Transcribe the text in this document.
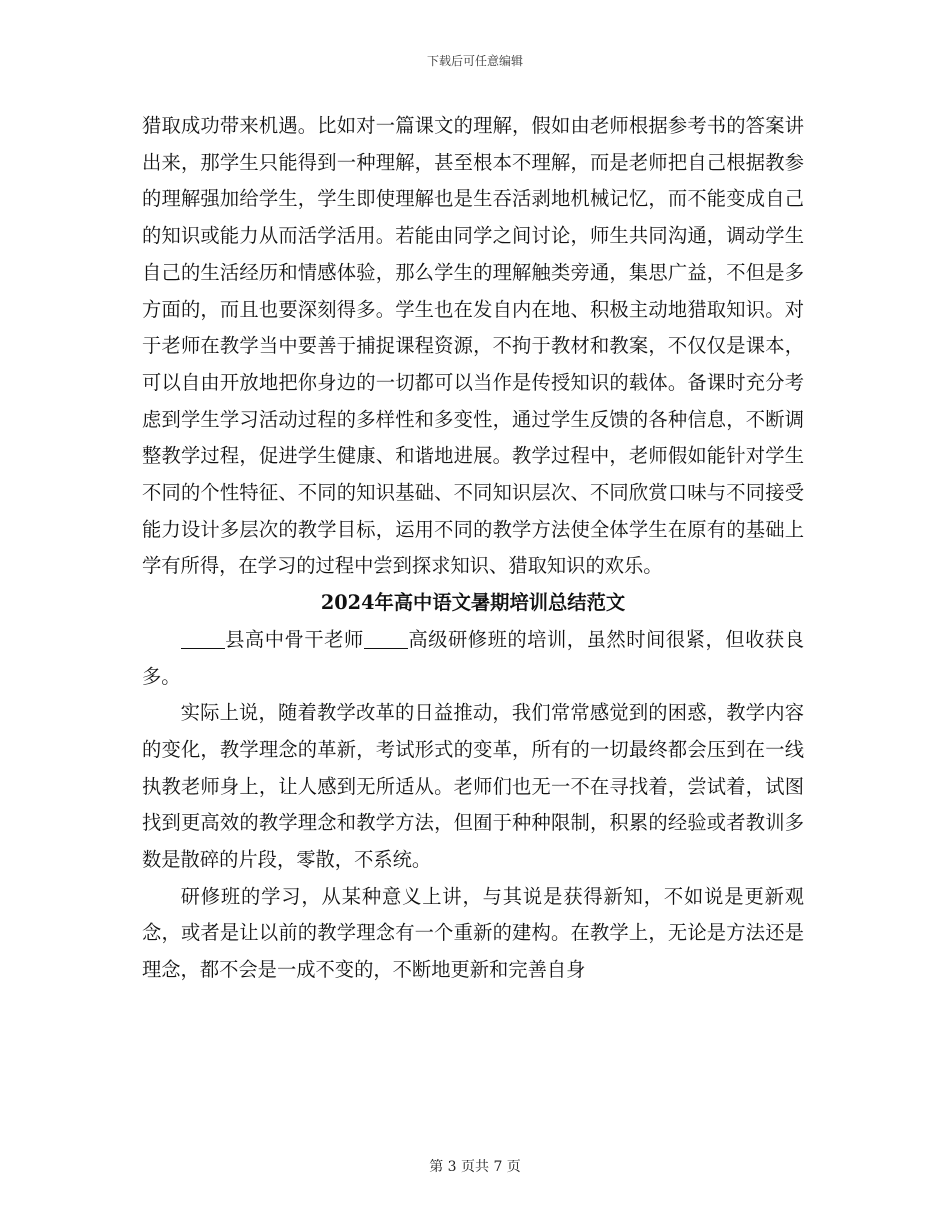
下载后可任意编辑

猎取成功带来机遇。比如对一篇课文的理解，假如由老师根据参考书的答案讲出来，那学生只能得到一种理解，甚至根本不理解，而是老师把自己根据教参的理解强加给学生，学生即使理解也是生吞活剥地机械记忆，而不能变成自己的知识或能力从而活学活用。若能由同学之间讨论，师生共同沟通，调动学生自己的生活经历和情感体验，那么学生的理解触类旁通，集思广益，不但是多方面的，而且也要深刻得多。学生也在发自内在地、积极主动地猎取知识。对于老师在教学当中要善于捕捉课程资源，不拘于教材和教案，不仅仅是课本，可以自由开放地把你身边的一切都可以当作是传授知识的载体。备课时充分考虑到学生学习活动过程的多样性和多变性，通过学生反馈的各种信息，不断调整教学过程，促进学生健康、和谐地进展。教学过程中，老师假如能针对学生不同的个性特征、不同的知识基础、不同知识层次、不同欣赏口味与不同接受能力设计多层次的教学目标，运用不同的教学方法使全体学生在原有的基础上学有所得，在学习的过程中尝到探求知识、猎取知识的欢乐。

2024年高中语文暑期培训总结范文

县高中骨干老师 高级研修班的培训，虽然时间很紧，但收获良多。

实际上说，随着教学改革的日益推动，我们常常感觉到的困惑，教学内容的变化，教学理念的革新，考试形式的变革，所有的一切最终都会压到在一线执教老师身上，让人感到无所适从。老师们也无一不在寻找着，尝试着，试图找到更高效的教学理念和教学方法，但囿于种种限制，积累的经验或者教训多数是散碎的片段，零散，不系统。

研修班的学习，从某种意义上讲，与其说是获得新知，不如说是更新观念，或者是让以前的教学理念有一个重新的建构。在教学上，无论是方法还是理念，都不会是一成不变的，不断地更新和完善自身

第 3 页共 7 页
